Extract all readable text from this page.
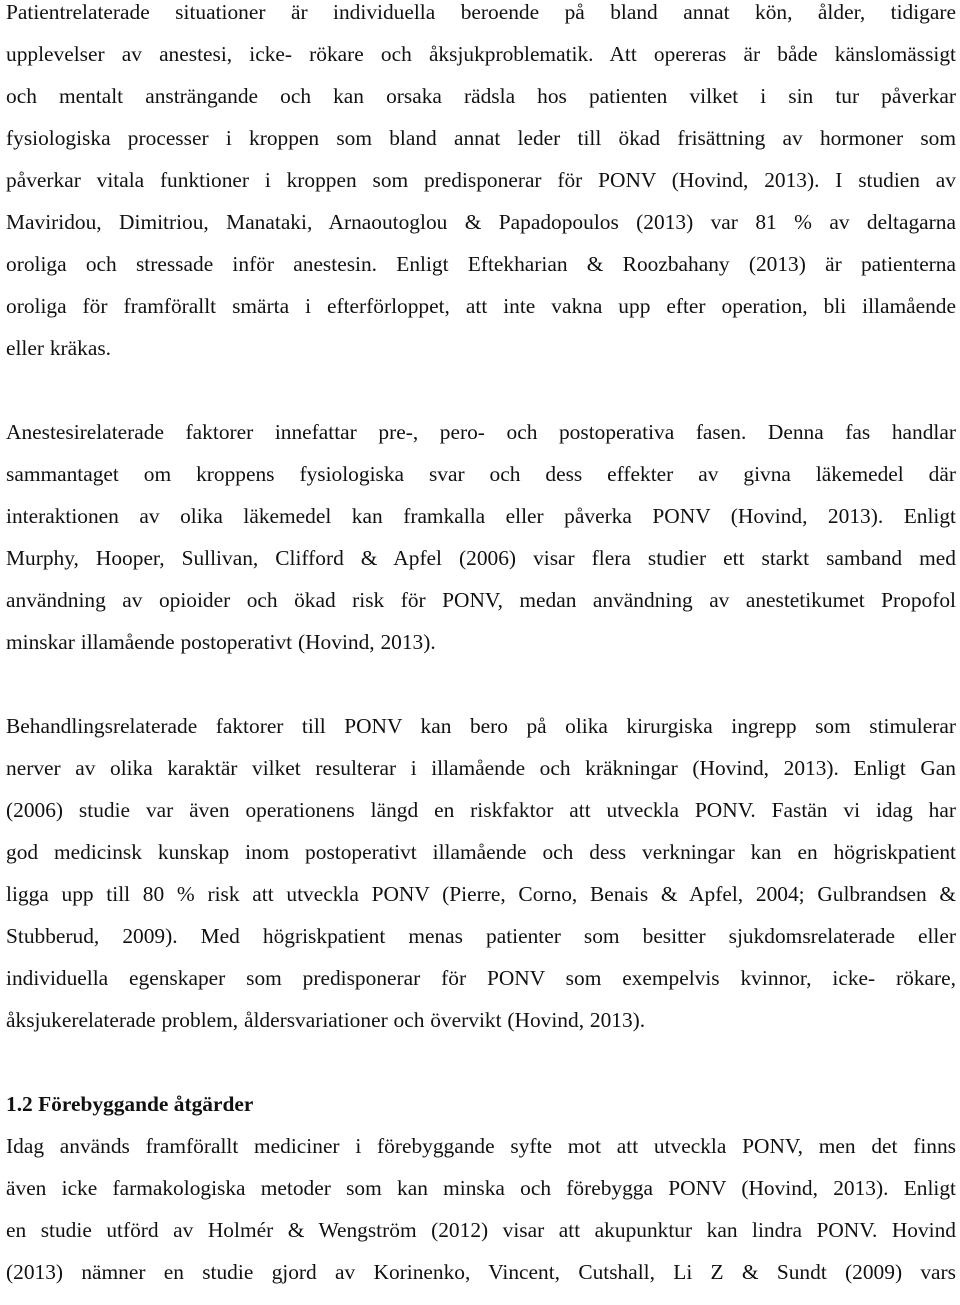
Patientrelaterade situationer är individuella beroende på bland annat kön, ålder, tidigare
upplevelser av anestesi, icke- rökare och åksjukproblematik. Att opereras är både känslomässigt
och mentalt ansträngande och kan orsaka rädsla hos patienten vilket i sin tur påverkar
fysiologiska processer i kroppen som bland annat leder till ökad frisättning av hormoner som
påverkar vitala funktioner i kroppen som predisponerar för PONV (Hovind, 2013). I studien av
Maviridou, Dimitriou, Manataki, Arnaoutoglou & Papadopoulos (2013) var 81 % av deltagarna
oroliga och stressade inför anestesin. Enligt Eftekharian & Roozbahany (2013) är patienterna
oroliga för framförallt smärta i efterförloppet, att inte vakna upp efter operation, bli illamående
eller kräkas.

Anestesirelaterade faktorer innefattar pre-, pero- och postoperativa fasen. Denna fas handlar
sammantaget om kroppens fysiologiska svar och dess effekter av givna läkemedel där
interaktionen av olika läkemedel kan framkalla eller påverka PONV (Hovind, 2013). Enligt
Murphy, Hooper, Sullivan, Clifford & Apfel (2006) visar flera studier ett starkt samband med
användning av opioider och ökad risk för PONV, medan användning av anestetikumet Propofol
minskar illamående postoperativt (Hovind, 2013).

Behandlingsrelaterade faktorer till PONV kan bero på olika kirurgiska ingrepp som stimulerar
nerver av olika karaktär vilket resulterar i illamående och kräkningar (Hovind, 2013). Enligt Gan
(2006) studie var även operationens längd en riskfaktor att utveckla PONV. Fastän vi idag har
god medicinsk kunskap inom postoperativt illamående och dess verkningar kan en högriskpatient
ligga upp till 80 % risk att utveckla PONV (Pierre, Corno, Benais & Apfel, 2004; Gulbrandsen &
Stubberud, 2009). Med högriskpatient menas patienter som besitter sjukdomsrelaterade eller
individuella egenskaper som predisponerar för PONV som exempelvis kvinnor, icke- rökare,
åksjukerelaterade problem, åldersvariationer och övervikt (Hovind, 2013).

1.2 Förebyggande åtgärder

Idag används framförallt mediciner i förebyggande syfte mot att utveckla PONV, men det finns
även icke farmakologiska metoder som kan minska och förebygga PONV (Hovind, 2013). Enligt
en studie utförd av Holmér & Wengström (2012) visar att akupunktur kan lindra PONV. Hovind
(2013) nämner en studie gjord av Korinenko, Vincent, Cutshall, Li Z & Sundt (2009) vars
